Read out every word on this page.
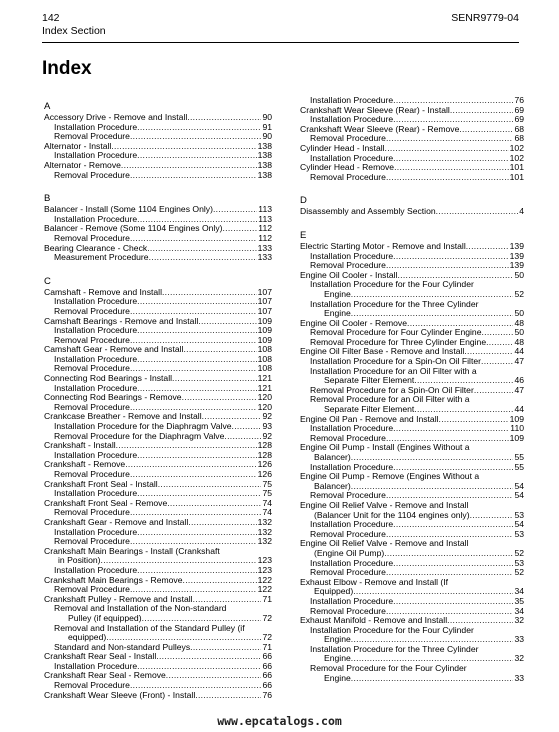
142
Index Section
SENR9779-04
Index
A
Accessory Drive - Remove and Install .....	90
Installation Procedure .....	91
Removal Procedure .....	90
Alternator - Install .....	138
Installation Procedure .....	138
Alternator - Remove .....	138
Removal Procedure .....	138
B
Balancer - Install (Some 1104 Engines Only) .....	113
Installation Procedure .....	113
Balancer - Remove (Some 1104 Engines Only) .....	112
Removal Procedure .....	112
Bearing Clearance - Check .....	133
Measurement Procedure .....	133
C
Camshaft - Remove and Install .....	107
Installation Procedure .....	107
Removal Procedure .....	107
Camshaft Bearings - Remove and Install .....	109
Installation Procedure .....	109
Removal Procedure .....	109
Camshaft Gear - Remove and Install .....	108
Installation Procedure .....	108
Removal Procedure .....	108
Connecting Rod Bearings - Install .....	121
Installation Procedure .....	121
Connecting Rod Bearings - Remove .....	120
Removal Procedure .....	120
Crankcase Breather - Remove and Install .....	92
Installation Procedure for the Diaphragm Valve .....	93
Removal Procedure for the Diaphragm Valve .....	92
Crankshaft - Install .....	128
Installation Procedure .....	128
Crankshaft - Remove .....	126
Removal Procedure .....	126
Crankshaft Front Seal - Install .....	75
Installation Procedure .....	75
Crankshaft Front Seal - Remove .....	74
Removal Procedure .....	74
Crankshaft Gear - Remove and Install .....	132
Installation Procedure .....	132
Removal Procedure .....	132
Crankshaft Main Bearings - Install (Crankshaft
in Position) .....	123
Installation Procedure .....	123
Crankshaft Main Bearings - Remove .....	122
Removal Procedure .....	122
Crankshaft Pulley - Remove and Install .....	71
Removal and Installation of the Non-standard
Pulley (if equipped) .....	72
Removal and Installation of the Standard Pulley (if
equipped) .....	72
Standard and Non-standard Pulleys .....	71
Crankshaft Rear Seal - Install .....	66
Installation Procedure .....	66
Crankshaft Rear Seal - Remove .....	66
Removal Procedure .....	66
Crankshaft Wear Sleeve (Front) - Install .....	76
Installation Procedure .....	76
Crankshaft Wear Sleeve (Rear) - Install .....	69
Installation Procedure .....	69
Crankshaft Wear Sleeve (Rear) - Remove .....	68
Removal Procedure .....	68
Cylinder Head - Install .....	102
Installation Procedure .....	102
Cylinder Head - Remove .....	101
Removal Procedure .....	101
D
Disassembly and Assembly Section .....	4
E
Electric Starting Motor - Remove and Install .....	139
Installation Procedure .....	139
Removal Procedure .....	139
Engine Oil Cooler - Install .....	50
Installation Procedure for the Four Cylinder
Engine .....	52
Installation Procedure for the Three Cylinder
Engine .....	50
Engine Oil Cooler - Remove .....	48
Removal Procedure for Four Cylinder Engine .....	50
Removal Procedure for Three Cylinder Engine .....	48
Engine Oil Filter Base - Remove and Install .....	44
Installation Procedure for a Spin-On Oil Filter .....	47
Installation Procedure for an Oil Filter with a
Separate Filter Element .....	46
Removal Procedure for a Spin-On Oil Filter .....	47
Removal Procedure for an Oil Filter with a
Separate Filter Element .....	44
Engine Oil Pan - Remove and Install .....	109
Installation Procedure .....	110
Removal Procedure .....	109
Engine Oil Pump - Install (Engines Without a
Balancer) .....	55
Installation Procedure .....	55
Engine Oil Pump - Remove (Engines Without a
Balancer) .....	54
Removal Procedure .....	54
Engine Oil Relief Valve - Remove and Install
(Balancer Unit for the 1104 engines only) .....	53
Installation Procedure .....	54
Removal Procedure .....	53
Engine Oil Relief Valve - Remove and Install
(Engine Oil Pump) .....	52
Installation Procedure .....	53
Removal Procedure .....	52
Exhaust Elbow - Remove and Install (If
Equipped) .....	34
Installation Procedure .....	35
Removal Procedure .....	34
Exhaust Manifold - Remove and Install .....	32
Installation Procedure for the Four Cylinder
Engine .....	33
Installation Procedure for the Three Cylinder
Engine .....	32
Removal Procedure for the Four Cylinder
Engine .....	33
www.epcatalogs.com
